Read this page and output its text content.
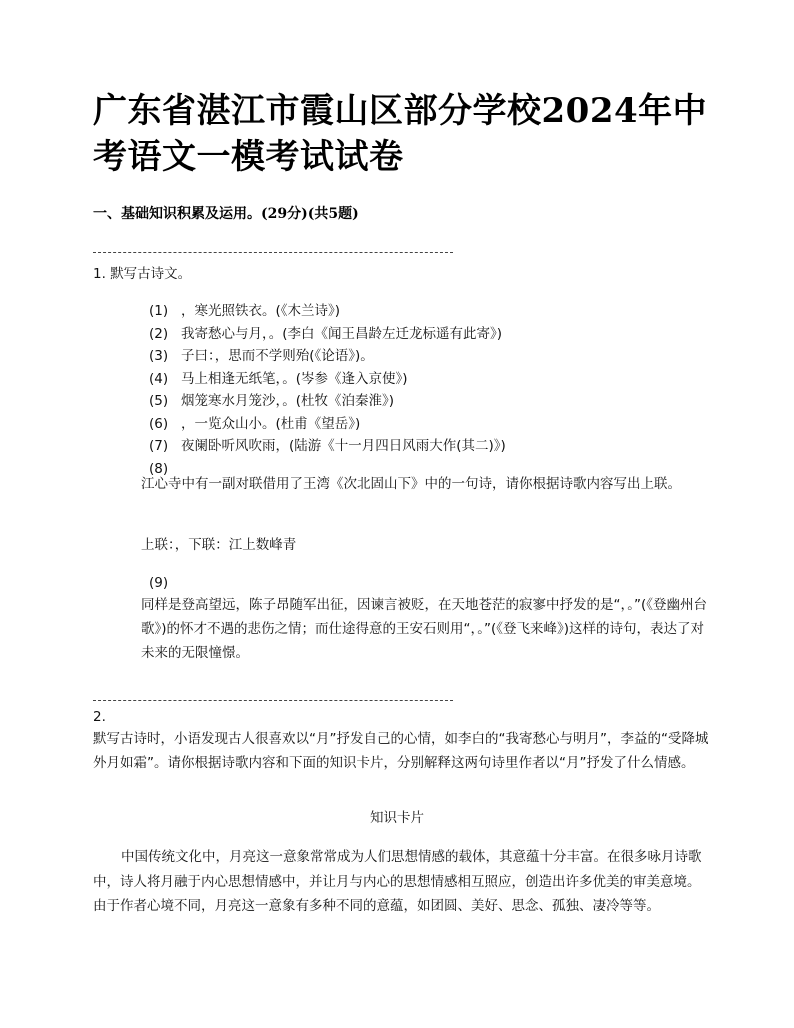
广东省湛江市霞山区部分学校2024年中考语文一模考试试卷
一、基础知识积累及运用。(29分)(共5题)
1. 默写古诗文。
(1) ，寒光照铁衣。(《木兰诗》)
(2) 我寄愁心与月，。(李白《闻王昌龄左迁龙标遥有此寄》)
(3) 子曰：，思而不学则殆(《论语》)。
(4) 马上相逢无纸笔，。(岑参《逢入京使》)
(5) 烟笼寒水月笼沙，。(杜牧《泊秦淮》)
(6) ，一览众山小。(杜甫《望岳》)
(7) 夜阑卧听风吹雨，(陆游《十一月四日风雨大作(其二)》)
(8)
江心寺中有一副对联借用了王湾《次北固山下》中的一句诗，请你根据诗歌内容写出上联。
上联：，下联：江上数峰青
(9)
同样是登高望远，陈子昂随军出征，因谏言被贬，在天地苍茫的寂寥中抒发的是“，。”(《登幽州台歌》)的怀才不遇的悲伤之情；而仕途得意的王安石则用“，。”(《登飞来峰》)这样的诗句，表达了对未来的无限憧憬。
2.
默写古诗时，小语发现古人很喜欢以“月”抒发自己的心情，如李白的“我寄愁心与明月”，李益的“受降城外月如霜”。请你根据诗歌内容和下面的知识卡片，分别解释这两句诗里作者以“月”抒发了什么情感。
知识卡片
中国传统文化中，月亮这一意象常常成为人们思想情感的载体，其意蕴十分丰富。在很多咏月诗歌中，诗人将月融于内心思想情感中，并让月与内心的思想情感相互照应，创造出许多优美的审美意境。由于作者心境不同，月亮这一意象有多种不同的意蕴，如团圆、美好、思念、孤独、凄冷等等。
